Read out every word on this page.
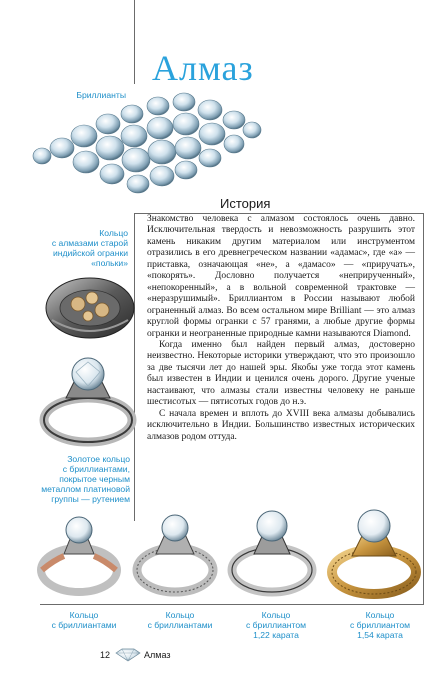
Алмаз
Бриллианты
История
Кольцо
с алмазами старой
индийской огранки
«польки»
Золотое кольцо
с бриллиантами,
покрытое черным
металлом платиновой
группы — рутением

Знакомство человека с алмазом состоялось очень давно. Исключительная твердость и невозможность разрушить этот камень никаким другим материалом или инструментом отразились в его древнегреческом названии «адамас», где «а» — приставка, означающая «не», а «дамасо» — «приручать», «покорять». Дословно получается «неприрученный», «непокоренный», а в вольной современной трактовке — «неразрушимый». Бриллиантом в России называют любой ограненный алмаз. Во всем остальном мире Brilliant — это алмаз круглой формы огранки с 57 гранями, а любые другие формы огранки и неограненные природные камни называются Diamond.

Когда именно был найден первый алмаз, достоверно неизвестно. Некоторые историки утверждают, что это произошло за две тысячи лет до нашей эры. Якобы уже тогда этот камень был известен в Индии и ценился очень дорого. Другие ученые настаивают, что алмазы стали известны человеку не раньше шестисотых — пятисотых годов до н.э.

С начала времен и вплоть до XVIII века алмазы добывались исключительно в Индии. Большинство известных исторических алмазов родом оттуда.

Кольцо
с бриллиантами
Кольцо
с бриллиантами
Кольцо
с бриллиантом
1,22 карата
Кольцо
с бриллиантом
1,54 карата
12	Алмаз
